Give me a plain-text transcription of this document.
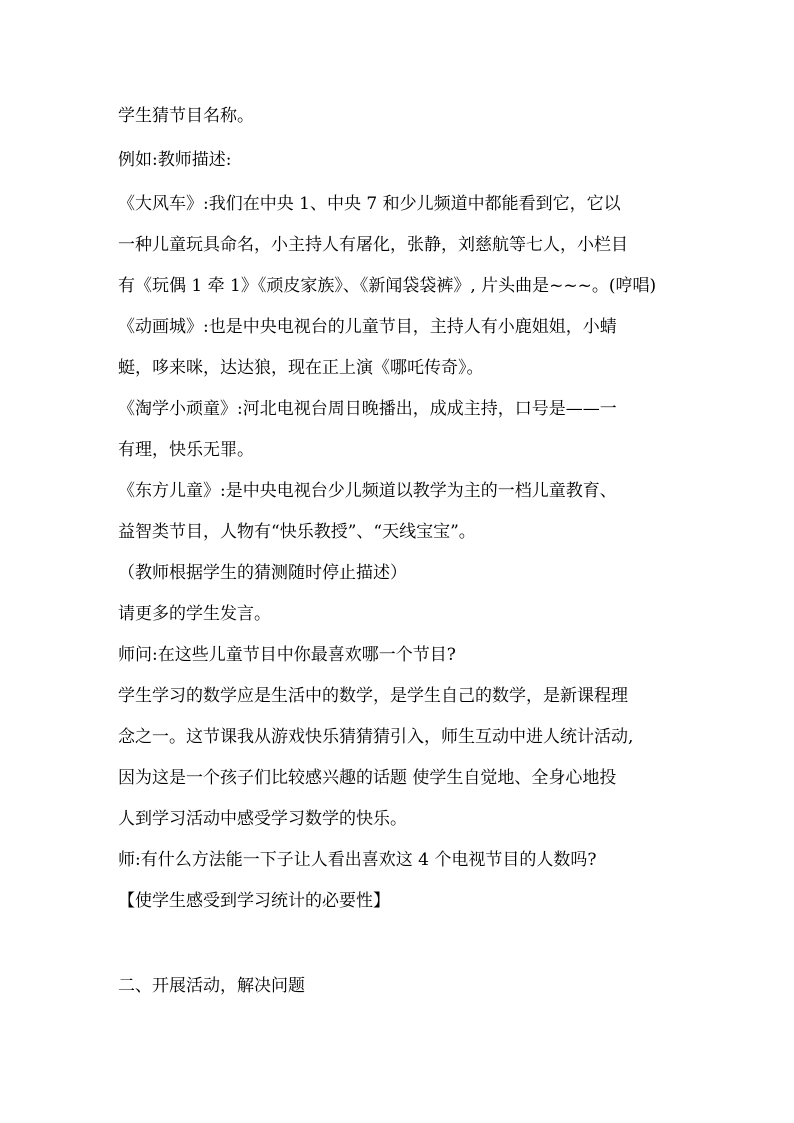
学生猜节目名称。
例如:教师描述:
《大风车》:我们在中央 1、中央 7 和少儿频道中都能看到它，它以
一种儿童玩具命名，小主持人有屠化，张静，刘慈航等七人，小栏目
有《玩偶 1 牵 1》《顽皮家族》、《新闻袋袋裤》, 片头曲是~~~。(哼唱)
《动画城》:也是中央电视台的儿童节目，主持人有小鹿姐姐，小蜻
蜓，哆来咪，达达狼，现在正上演《哪吒传奇》。
《淘学小顽童》:河北电视台周日晚播出，成成主持，口号是——一
有理，快乐无罪。
《东方儿童》:是中央电视台少儿频道以教学为主的一档儿童教育、
益智类节目，人物有“快乐教授”、“天线宝宝”。
（教师根据学生的猜测随时停止描述）
请更多的学生发言。
师问:在这些儿童节目中你最喜欢哪一个节目?
学生学习的数学应是生活中的数学，是学生自己的数学，是新课程理
念之一。这节课我从游戏快乐猜猜猜引入，师生互动中进人统计活动,
因为这是一个孩子们比较感兴趣的话题 使学生自觉地、全身心地投
人到学习活动中感受学习数学的快乐。
师:有什么方法能一下子让人看出喜欢这 4 个电视节目的人数吗?
【使学生感受到学习统计的必要性】
二、开展活动，解决问题
